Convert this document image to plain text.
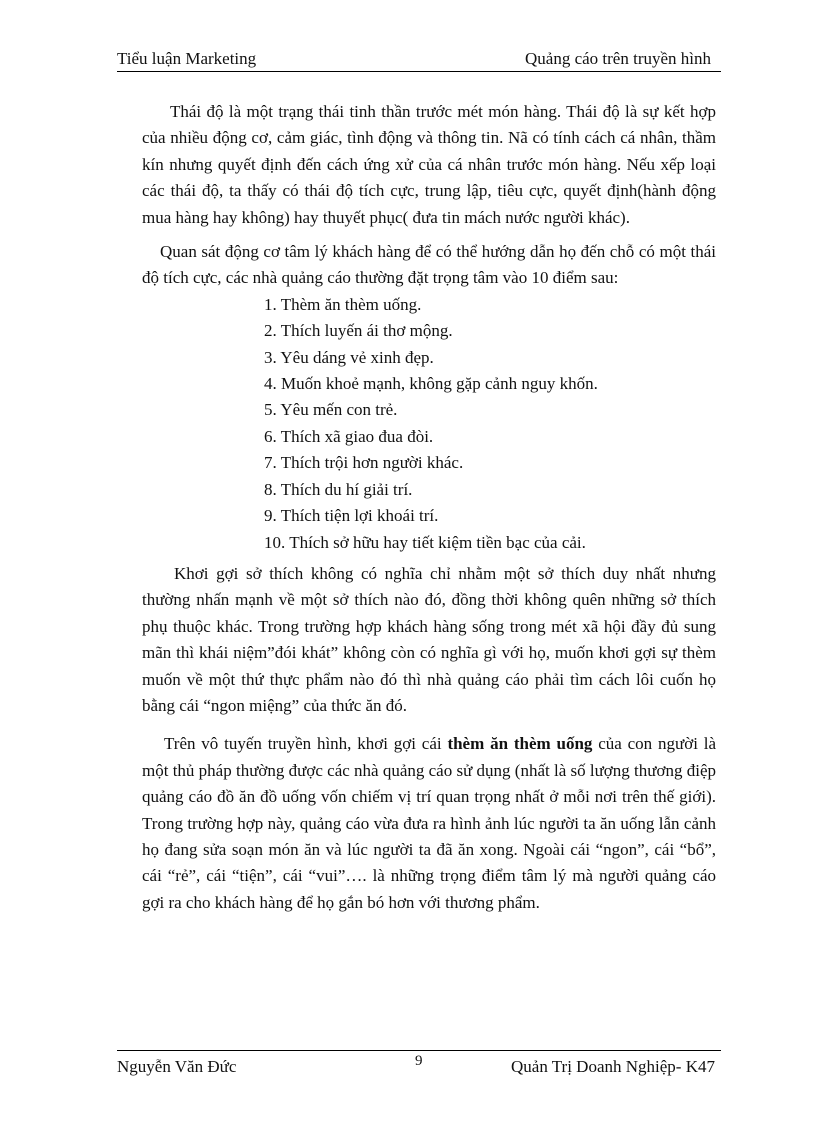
Tiểu luận Marketing	Quảng cáo trên truyền hình

Thái độ là một trạng thái tinh thần trước mét món hàng. Thái độ là sự kết hợp của nhiều động cơ, cảm giác, tình động và thông tin. Nã có tính cách cá nhân, thầm kín nhưng quyết định đến cách ứng xử của cá nhân trước món hàng. Nếu xếp loại các thái độ, ta thấy có thái độ tích cực, trung lập, tiêu cực, quyết định(hành động mua hàng hay không) hay thuyết phục( đưa tin mách nước người khác).

Quan sát động cơ tâm lý khách hàng để có thể hướng dẫn họ đến chỗ có một thái độ tích cực, các nhà quảng cáo thường đặt trọng tâm vào 10 điểm sau:

1. Thèm ăn thèm uống.
2. Thích luyến ái thơ mộng.
3. Yêu dáng vẻ xinh đẹp.
4. Muốn khoẻ mạnh, không gặp cảnh nguy khốn.
5. Yêu mến con trẻ.
6. Thích xã giao đua đòi.
7. Thích trội hơn người khác.
8. Thích du hí giải trí.
9. Thích tiện lợi khoái trí.
10. Thích sở hữu hay tiết kiệm tiền bạc của cải.

Khơi gợi sở thích không có nghĩa chỉ nhằm một sở thích duy nhất nhưng thường nhấn mạnh về một sở thích nào đó, đồng thời không quên những sở thích phụ thuộc khác. Trong trường hợp khách hàng sống trong mét xã hội đầy đủ sung mãn thì khái niệm”đói khát” không còn có nghĩa gì với họ, muốn khơi gợi sự thèm muốn về một thứ thực phẩm nào đó thì nhà quảng cáo phải tìm cách lôi cuốn họ bằng cái “ngon miệng” của thức ăn đó.

Trên vô tuyến truyền hình, khơi gợi cái thèm ăn thèm uống của con người là một thủ pháp thường được các nhà quảng cáo sử dụng (nhất là số lượng thương điệp quảng cáo đồ ăn đồ uống vốn chiếm vị trí quan trọng nhất ở mỗi nơi trên thế giới). Trong trường hợp này, quảng cáo vừa đưa ra hình ảnh lúc người ta ăn uống lẫn cảnh họ đang sửa soạn món ăn và lúc người ta đã ăn xong. Ngoài cái “ngon”, cái “bổ”, cái “rẻ”, cái “tiện”, cái “vui”…. là những trọng điểm tâm lý mà người quảng cáo gợi ra cho khách hàng để họ gắn bó hơn với thương phẩm.

Nguyễn Văn Đức	9	Quản Trị Doanh Nghiệp- K47
